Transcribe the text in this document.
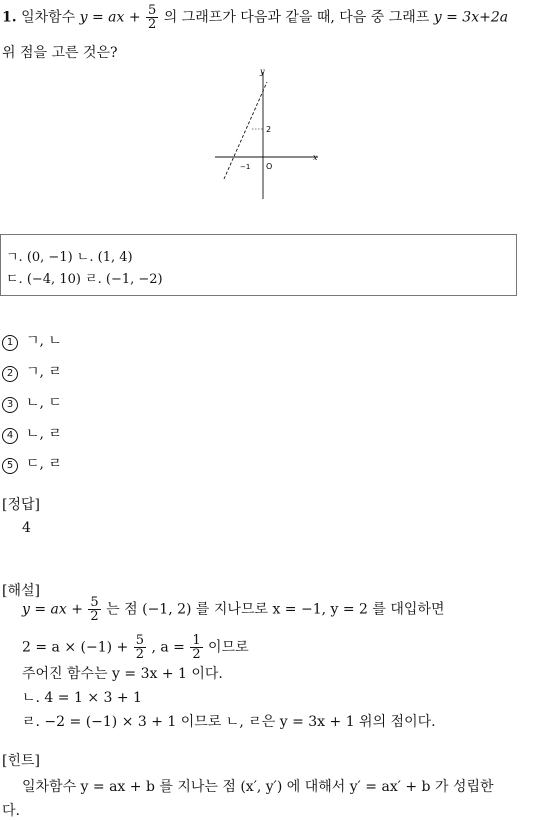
1. 일차함수 y = ax + $\frac{5}{2}$ 의 그래프가 다음과 같을 때, 다음 중 그래프 y = 3x+2a
위 점을 고른 것은?
x
y
O
−1
2
ㄱ. (0, −1) ㄴ. (1, 4)
ㄷ. (−4, 10) ㄹ. (−1, −2)
1 ㄱ, ㄴ
2 ㄱ, ㄹ
3 ㄴ, ㄷ
4 ㄴ, ㄹ
5 ㄷ, ㄹ
[정답]
4
[해설]
y = ax + $\frac{5}{2}$ 는 점 (−1, 2) 를 지나므로 x = −1, y = 2 를 대입하면
$2 = a \times (-1) + \frac{5}{2}$ , $a = \frac{1}{2}$ 이므로
주어진 함수는 y = 3x + 1 이다.
ㄴ. 4 = 1 × 3 + 1
ㄹ. −2 = (−1) × 3 + 1 이므로 ㄴ, ㄹ은 y = 3x + 1 위의 점이다.
[힌트]
일차함수 y = ax + b 를 지나는 점 (x′, y′) 에 대해서 y′ = ax′ + b 가 성립한
다.
